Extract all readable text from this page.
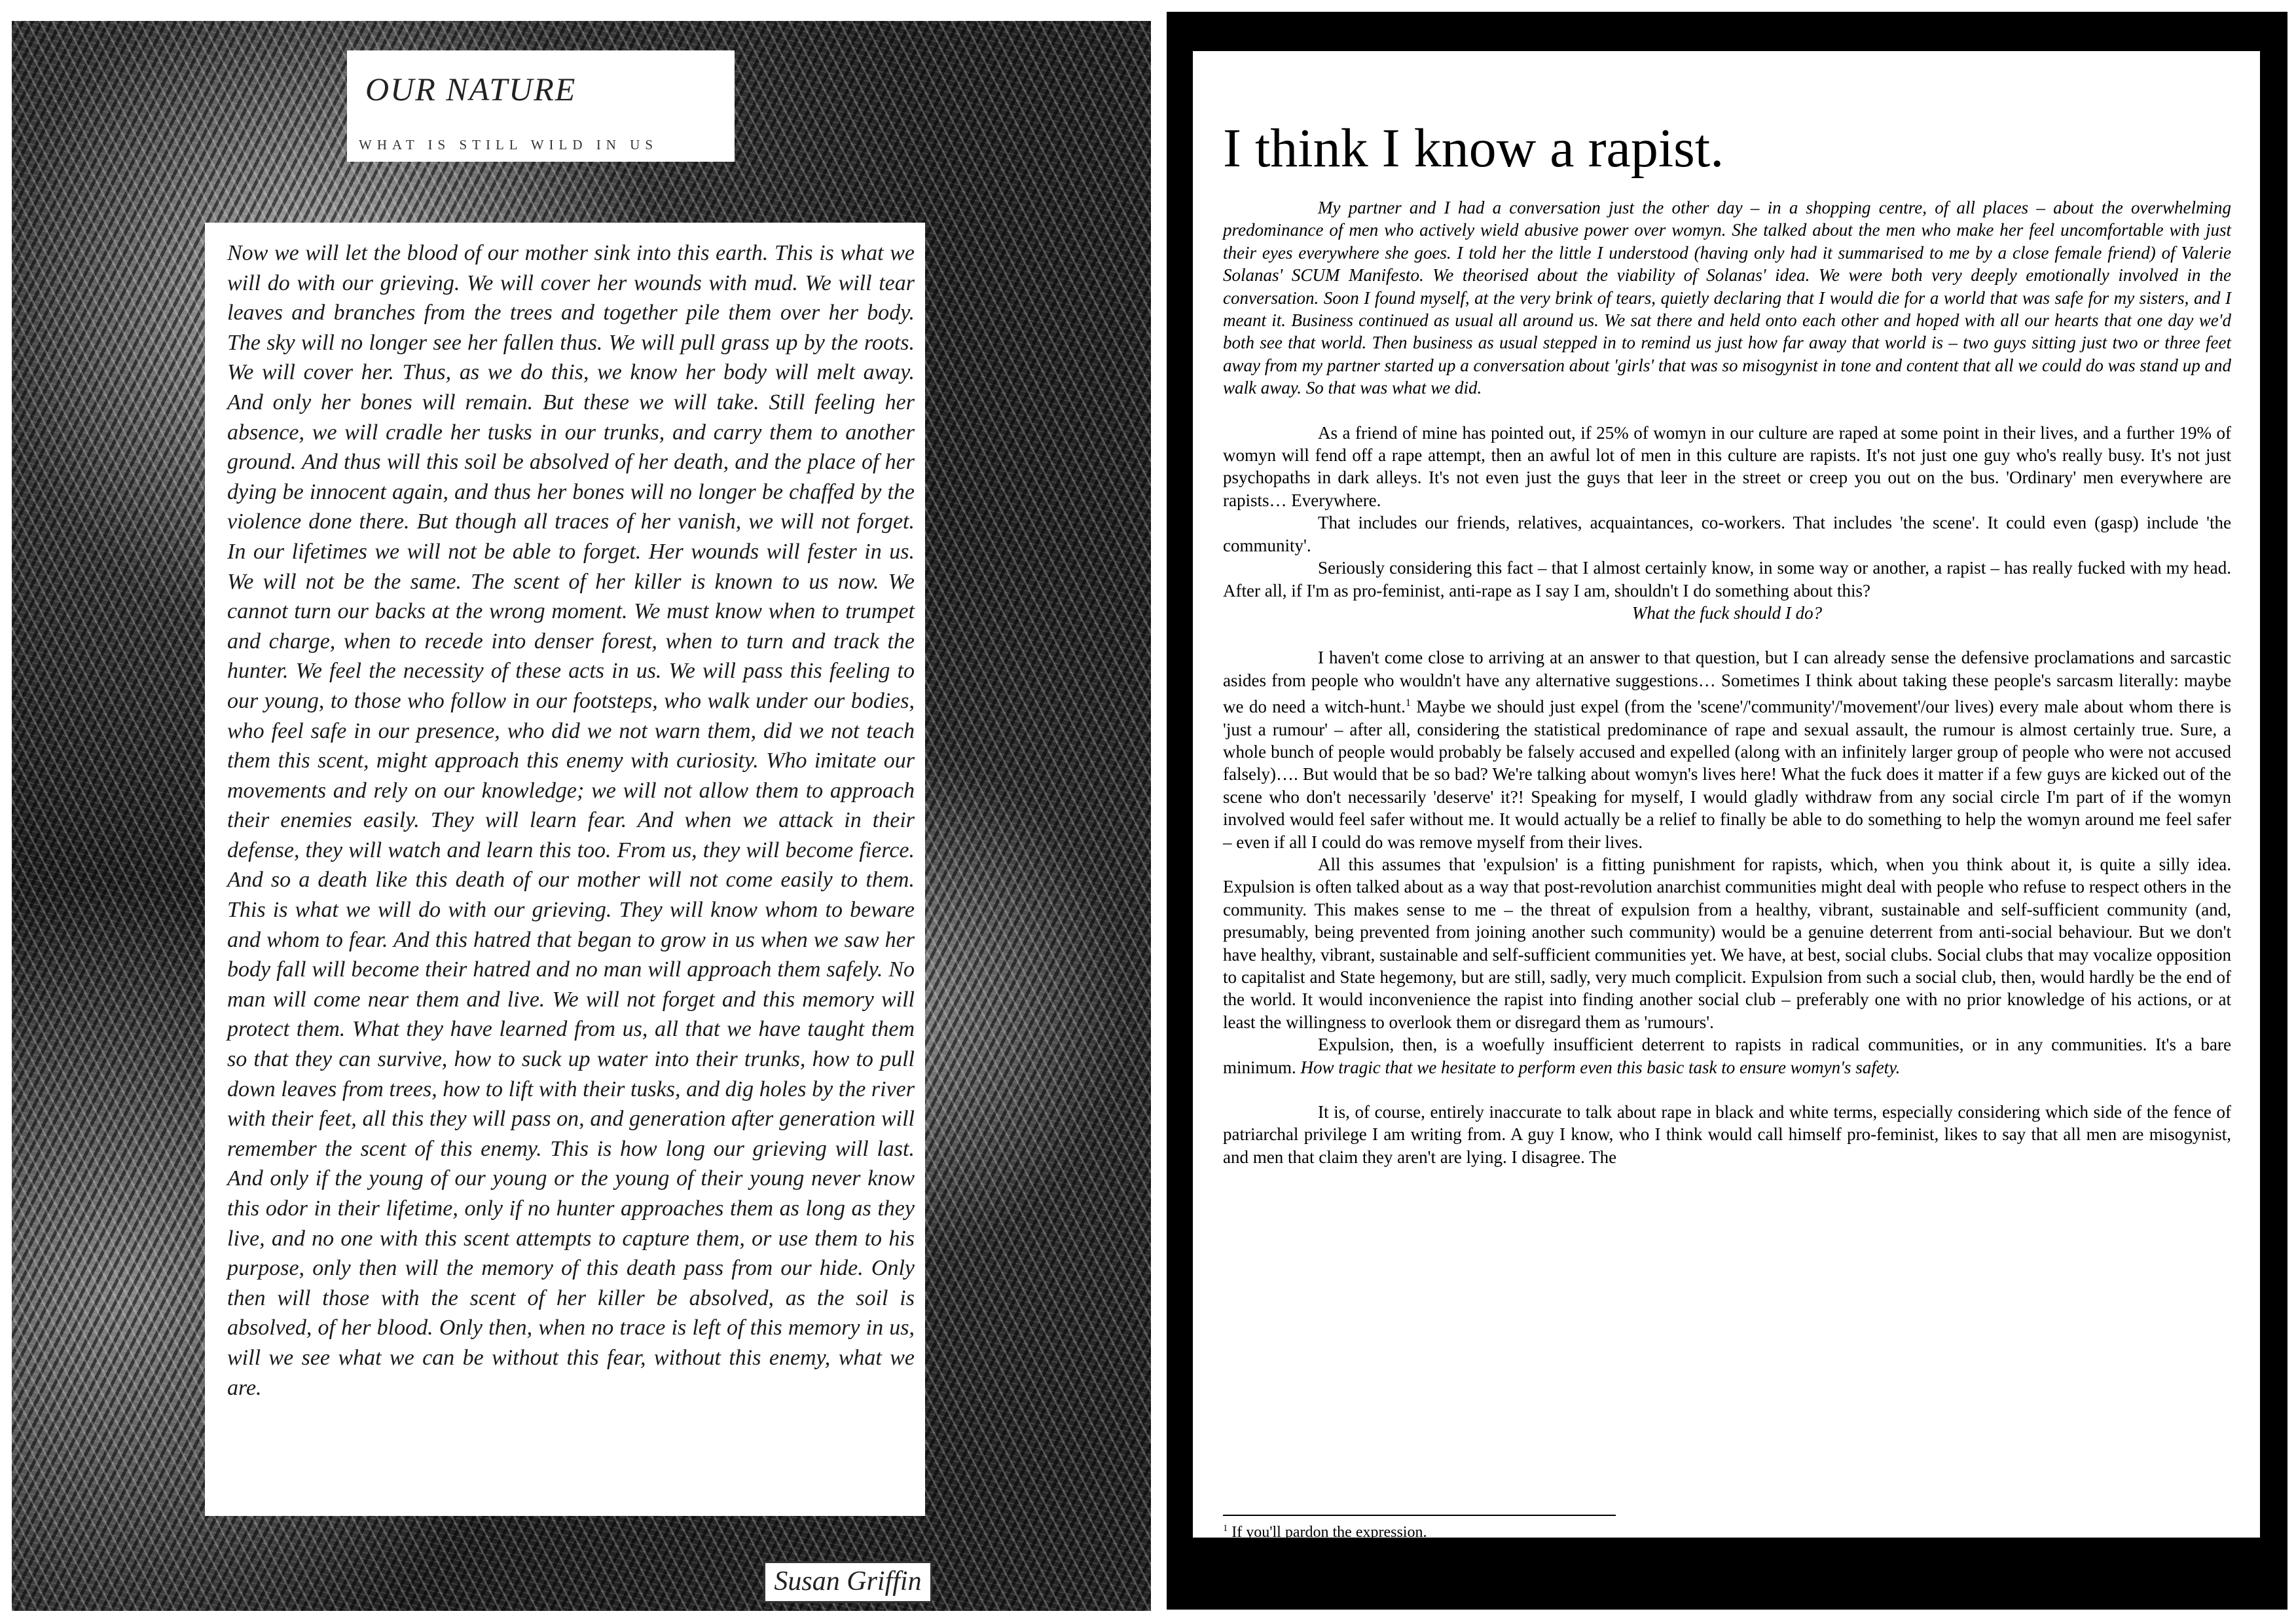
OUR NATURE
WHAT IS STILL WILD IN US
Now we will let the blood of our mother sink into this earth. This is what we will do with our grieving. We will cover her wounds with mud. We will tear leaves and branches from the trees and together pile them over her body. The sky will no longer see her fallen thus. We will pull grass up by the roots. We will cover her. Thus, as we do this, we know her body will melt away. And only her bones will remain. But these we will take. Still feeling her absence, we will cradle her tusks in our trunks, and carry them to another ground. And thus will this soil be absolved of her death, and the place of her dying be innocent again, and thus her bones will no longer be chaffed by the violence done there. But though all traces of her vanish, we will not forget. In our lifetimes we will not be able to forget. Her wounds will fester in us. We will not be the same. The scent of her killer is known to us now. We cannot turn our backs at the wrong moment. We must know when to trumpet and charge, when to recede into denser forest, when to turn and track the hunter. We feel the necessity of these acts in us. We will pass this feeling to our young, to those who follow in our footsteps, who walk under our bodies, who feel safe in our presence, who did we not warn them, did we not teach them this scent, might approach this enemy with curiosity. Who imitate our movements and rely on our knowledge; we will not allow them to approach their enemies easily. They will learn fear. And when we attack in their defense, they will watch and learn this too. From us, they will become fierce. And so a death like this death of our mother will not come easily to them. This is what we will do with our grieving. They will know whom to beware and whom to fear. And this hatred that began to grow in us when we saw her body fall will become their hatred and no man will approach them safely. No man will come near them and live. We will not forget and this memory will protect them. What they have learned from us, all that we have taught them so that they can survive, how to suck up water into their trunks, how to pull down leaves from trees, how to lift with their tusks, and dig holes by the river with their feet, all this they will pass on, and generation after generation will remember the scent of this enemy. This is how long our grieving will last. And only if the young of our young or the young of their young never know this odor in their lifetime, only if no hunter approaches them as long as they live, and no one with this scent attempts to capture them, or use them to his purpose, only then will the memory of this death pass from our hide. Only then will those with the scent of her killer be absolved, as the soil is absolved, of her blood. Only then, when no trace is left of this memory in us, will we see what we can be without this fear, without this enemy, what we are.
Susan Griffin
I think I know a rapist.

My partner and I had a conversation just the other day – in a shopping centre, of all places – about the overwhelming predominance of men who actively wield abusive power over womyn. She talked about the men who make her feel uncomfortable with just their eyes everywhere she goes. I told her the little I understood (having only had it summarised to me by a close female friend) of Valerie Solanas' SCUM Manifesto. We theorised about the viability of Solanas' idea. We were both very deeply emotionally involved in the conversation. Soon I found myself, at the very brink of tears, quietly declaring that I would die for a world that was safe for my sisters, and I meant it. Business continued as usual all around us. We sat there and held onto each other and hoped with all our hearts that one day we'd both see that world. Then business as usual stepped in to remind us just how far away that world is – two guys sitting just two or three feet away from my partner started up a conversation about 'girls' that was so misogynist in tone and content that all we could do was stand up and walk away. So that was what we did.

As a friend of mine has pointed out, if 25% of womyn in our culture are raped at some point in their lives, and a further 19% of womyn will fend off a rape attempt, then an awful lot of men in this culture are rapists. It's not just one guy who's really busy. It's not just psychopaths in dark alleys. It's not even just the guys that leer in the street or creep you out on the bus. 'Ordinary' men everywhere are rapists… Everywhere.

That includes our friends, relatives, acquaintances, co-workers. That includes 'the scene'. It could even (gasp) include 'the community'.

Seriously considering this fact – that I almost certainly know, in some way or another, a rapist – has really fucked with my head. After all, if I'm as pro-feminist, anti-rape as I say I am, shouldn't I do something about this?

What the fuck should I do?

I haven't come close to arriving at an answer to that question, but I can already sense the defensive proclamations and sarcastic asides from people who wouldn't have any alternative suggestions… Sometimes I think about taking these people's sarcasm literally: maybe we do need a witch-hunt.$^1$ Maybe we should just expel (from the 'scene'/'community'/'movement'/our lives) every male about whom there is 'just a rumour' – after all, considering the statistical predominance of rape and sexual assault, the rumour is almost certainly true. Sure, a whole bunch of people would probably be falsely accused and expelled (along with an infinitely larger group of people who were not accused falsely)…. But would that be so bad? We're talking about womyn's lives here! What the fuck does it matter if a few guys are kicked out of the scene who don't necessarily 'deserve' it?! Speaking for myself, I would gladly withdraw from any social circle I'm part of if the womyn involved would feel safer without me. It would actually be a relief to finally be able to do something to help the womyn around me feel safer – even if all I could do was remove myself from their lives.

All this assumes that 'expulsion' is a fitting punishment for rapists, which, when you think about it, is quite a silly idea. Expulsion is often talked about as a way that post-revolution anarchist communities might deal with people who refuse to respect others in the community. This makes sense to me – the threat of expulsion from a healthy, vibrant, sustainable and self-sufficient community (and, presumably, being prevented from joining another such community) would be a genuine deterrent from anti-social behaviour. But we don't have healthy, vibrant, sustainable and self-sufficient communities yet. We have, at best, social clubs. Social clubs that may vocalize opposition to capitalist and State hegemony, but are still, sadly, very much complicit. Expulsion from such a social club, then, would hardly be the end of the world. It would inconvenience the rapist into finding another social club – preferably one with no prior knowledge of his actions, or at least the willingness to overlook them or disregard them as 'rumours'.

Expulsion, then, is a woefully insufficient deterrent to rapists in radical communities, or in any communities. It's a bare minimum. How tragic that we hesitate to perform even this basic task to ensure womyn's safety.

It is, of course, entirely inaccurate to talk about rape in black and white terms, especially considering which side of the fence of patriarchal privilege I am writing from. A guy I know, who I think would call himself pro-feminist, likes to say that all men are misogynist, and men that claim they aren't are lying. I disagree. The

$^1$ If you'll pardon the expression.
